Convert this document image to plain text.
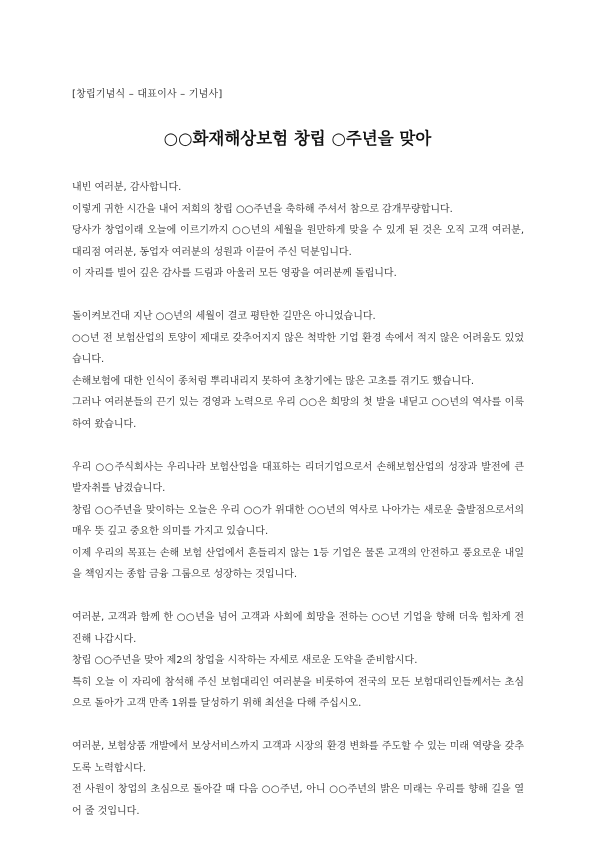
[창립기념식 – 대표이사 – 기념사]
○○화재해상보험 창립 ○주년을 맞아

내빈 여러분, 감사합니다.

이렇게 귀한 시간을 내어 저희의 창립 ○○주년을 축하해 주셔서 참으로 감개무량합니다.

당사가 창업이래 오늘에 이르기까지 ○○년의 세월을 원만하게 맞을 수 있게 된 것은 오직 고객 여러분, 대리점 여러분, 동업자 여러분의 성원과 이끌어 주신 덕분입니다.

이 자리를 빌어 깊은 감사를 드림과 아울러 모든 영광을 여러분께 돌립니다.

돌이켜보건대 지난 ○○년의 세월이 결코 평탄한 길만은 아니었습니다.

○○년 전 보험산업의 토양이 제대로 갖추어지지 않은 척박한 기업 환경 속에서 적지 않은 어려움도 있었습니다.

손해보험에 대한 인식이 종처럼 뿌리내리지 못하여 초창기에는 많은 고초를 겪기도 했습니다.

그러나 여러분들의 끈기 있는 경영과 노력으로 우리 ○○은 희망의 첫 발을 내딛고 ○○년의 역사를 이룩하여 왔습니다.

우리 ○○주식회사는 우리나라 보험산업을 대표하는 리더기업으로서 손해보험산업의 성장과 발전에 큰 발자취를 남겼습니다.

창립 ○○주년을 맞이하는 오늘은 우리 ○○가 위대한 ○○년의 역사로 나아가는 새로운 출발점으로서의 매우 뜻 깊고 중요한 의미를 가지고 있습니다.

이제 우리의 목표는 손해 보험 산업에서 흔들리지 않는 1등 기업은 물론 고객의 안전하고 풍요로운 내일을 책임지는 종합 금융 그룹으로 성장하는 것입니다.

여러분, 고객과 함께 한 ○○년을 넘어 고객과 사회에 희망을 전하는 ○○년 기업을 향해 더욱 힘차게 전진해 나갑시다.

창립 ○○주년을 맞아 제2의 창업을 시작하는 자세로 새로운 도약을 준비합시다.

특히 오늘 이 자리에 참석해 주신 보험대리인 여러분을 비롯하여 전국의 모든 보험대리인들께서는 초심으로 돌아가 고객 만족 1위를 달성하기 위해 최선을 다해 주십시오.

여러분, 보험상품 개발에서 보상서비스까지 고객과 시장의 환경 변화를 주도할 수 있는 미래 역량을 갖추도록 노력합시다.

전 사원이 창업의 초심으로 돌아갈 때 다음 ○○주년, 아니 ○○주년의 밝은 미래는 우리를 향해 길을 열어 줄 것입니다.
